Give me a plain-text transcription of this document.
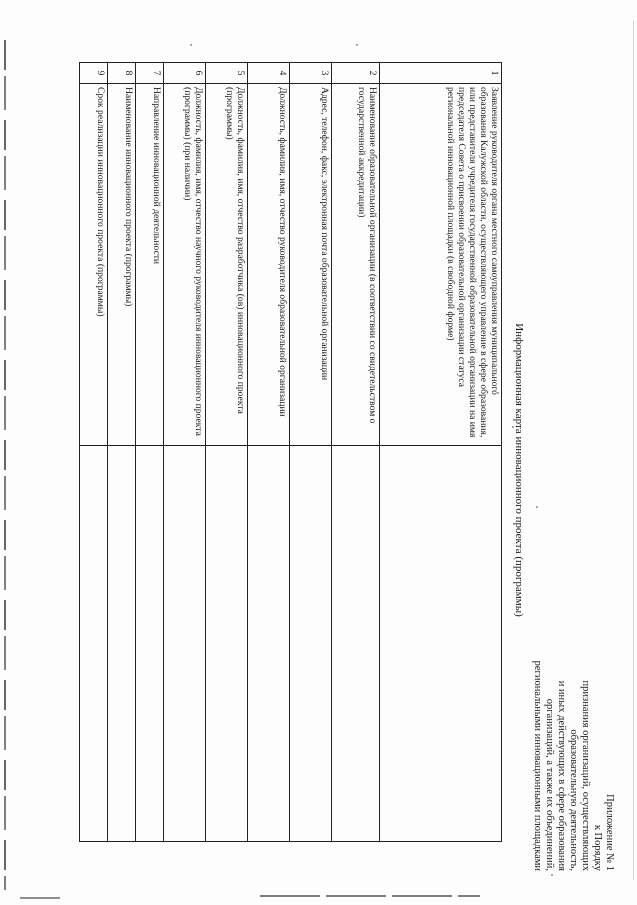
Приложение № 1
к Порядку
признания организаций, осуществляющих
образовательную деятельность,
и иных действующих в сфере образования
организаций, а также их объединений,
региональными инновационными площадками
Информационная карта инновационного проекта (программы)
1	Заявление руководителя органа местного самоуправления муниципального образования Калужской области, осуществляющего управление в сфере образования, или представителя учредителя государственной образовательной организации на имя председателя Совета о присвоении образовательной организации статуса региональной инновационной площадки (в свободной форме)	
2	Наименование образовательной организации (в соответствии со свидетельством о государственной аккредитации)	
3	Адрес, телефон, факс, электронная почта образовательной организации	
4	Должность, фамилия, имя, отчество руководителя образовательной организации	
5	Должность, фамилия, имя, отчество разработчика (ов) инновационного проекта (программы)	
6	Должность, фамилия, имя, отчество научного руководителя инновационного проекта (программы) (при наличии)	
7	Направление инновационной деятельности	
8	Наименование инновационного проекта (программы)	
9	Срок реализации инновационного проекта (программы)	
